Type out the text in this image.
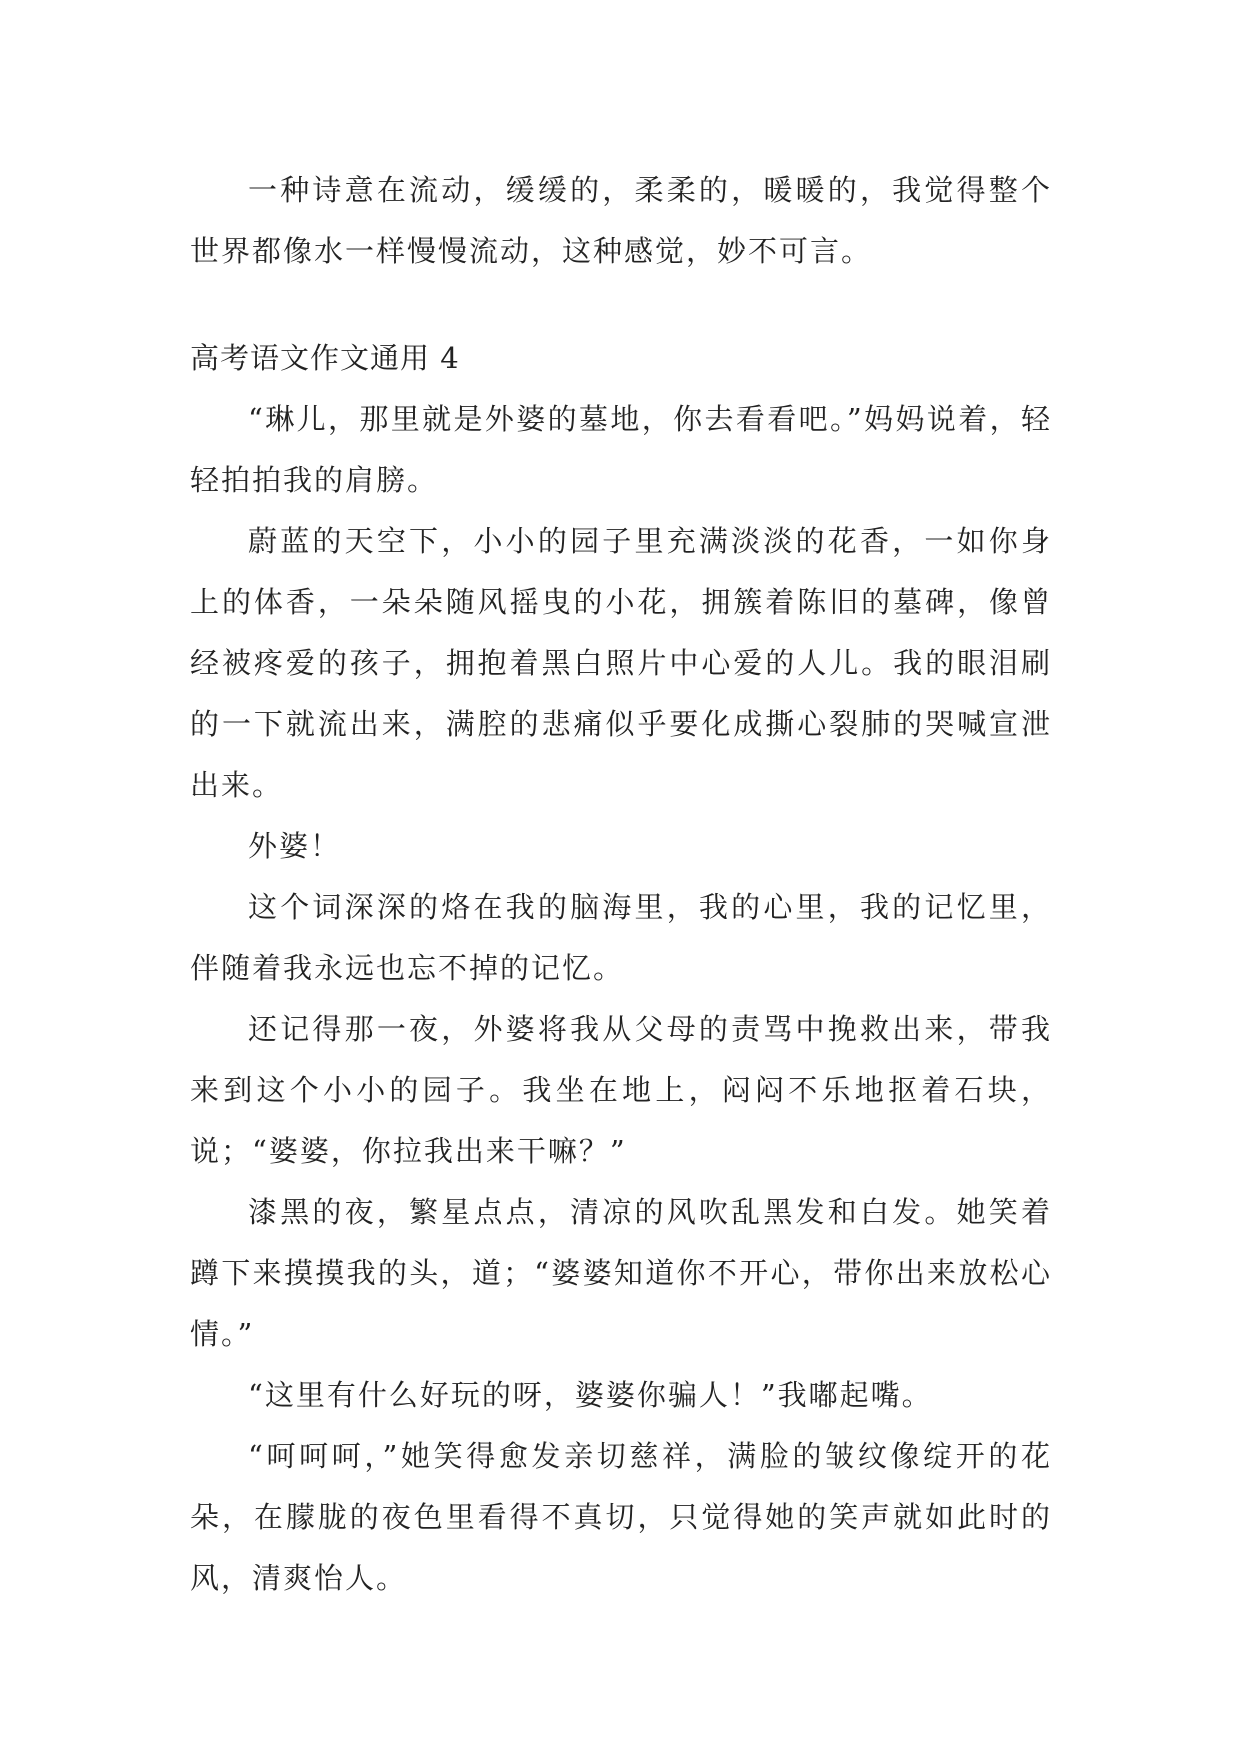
一种诗意在流动，缓缓的，柔柔的，暖暖的，我觉得整个世界都像水一样慢慢流动，这种感觉，妙不可言。

高考语文作文通用 4

“琳儿，那里就是外婆的墓地，你去看看吧。”妈妈说着，轻轻拍拍我的肩膀。

蔚蓝的天空下，小小的园子里充满淡淡的花香，一如你身上的体香，一朵朵随风摇曳的小花，拥簇着陈旧的墓碑，像曾经被疼爱的孩子，拥抱着黑白照片中心爱的人儿。我的眼泪刷的一下就流出来，满腔的悲痛似乎要化成撕心裂肺的哭喊宣泄出来。

外婆！

这个词深深的烙在我的脑海里，我的心里，我的记忆里，伴随着我永远也忘不掉的记忆。

还记得那一夜，外婆将我从父母的责骂中挽救出来，带我来到这个小小的园子。我坐在地上，闷闷不乐地抠着石块，说；“婆婆，你拉我出来干嘛？”

漆黑的夜，繁星点点，清凉的风吹乱黑发和白发。她笑着蹲下来摸摸我的头，道；“婆婆知道你不开心，带你出来放松心情。”

“这里有什么好玩的呀，婆婆你骗人！”我嘟起嘴。

“呵呵呵，”她笑得愈发亲切慈祥，满脸的皱纹像绽开的花朵，在朦胧的夜色里看得不真切，只觉得她的笑声就如此时的风，清爽怡人。
